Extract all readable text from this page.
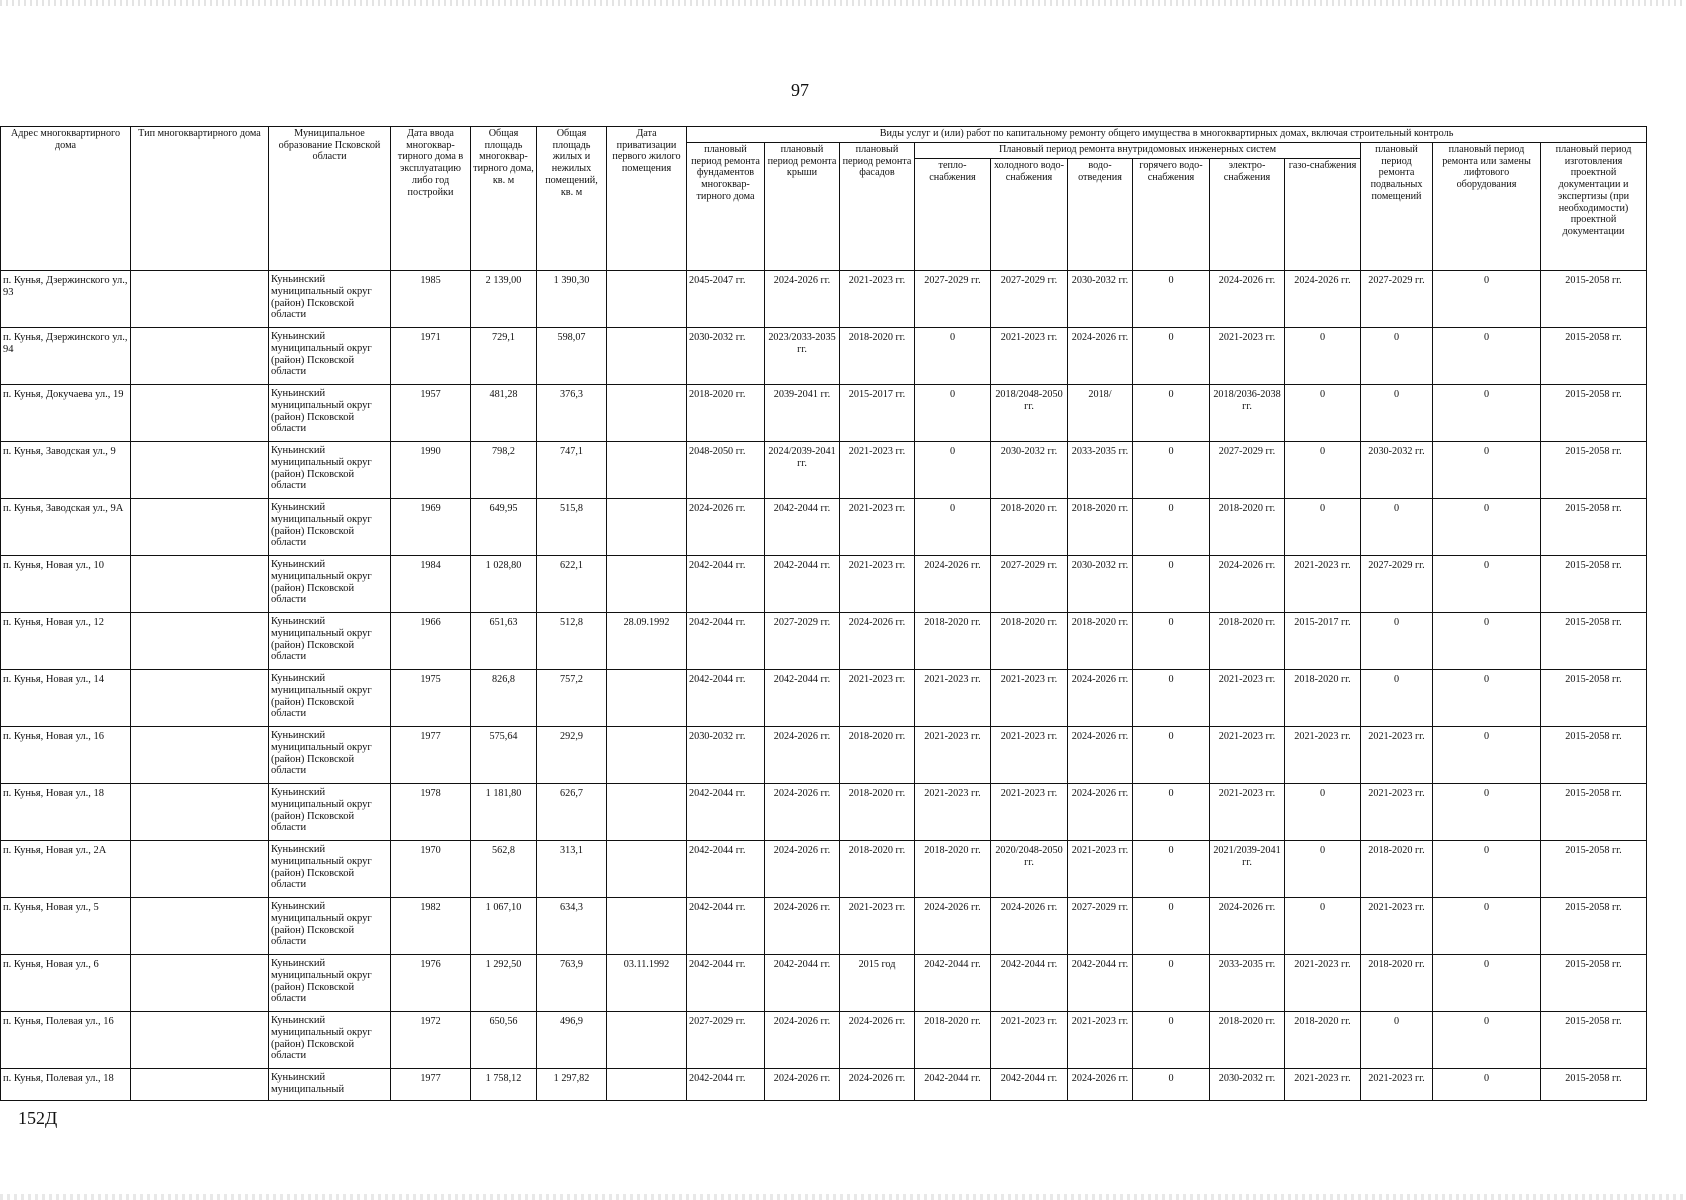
97
Адрес многоквартирного дома	Тип многоквартирного дома	Муниципальное образование Псковской области	Дата ввода многоквар-тирного дома в эксплуатацию либо год постройки	Общая площадь многоквар-тирного дома, кв. м	Общая площадь жилых и нежилых помещений, кв. м	Дата приватизации первого жилого помещения	Виды услуг и (или) работ по капитальному ремонту общего имущества в многоквартирных домах, включая строительный контроль											
							плановый период ремонта фундаментов многоквар-тирного дома	плановый период ремонта крыши	плановый период ремонта фасадов	Плановый период ремонта внутридомовых инженерных систем						плановый период ремонта подвальных помещений	плановый период ремонта или замены лифтового оборудования	плановый период изготовления проектной документации и экспертизы (при необходимости) проектной документации
										тепло-снабжения	холодного водо-снабжения	водо-отведения	горячего водо-снабжения	электро-снабжения	газо-снабжения			
п. Кунья, Дзержинского ул., 93		Куньинский муниципальный округ (район) Псковской области	1985	2 139,00	1 390,30		2045-2047 гг.	2024-2026 гг.	2021-2023 гг.	2027-2029 гг.	2027-2029 гг.	2030-2032 гг.	0	2024-2026 гг.	2024-2026 гг.	2027-2029 гг.	0	2015-2058 гг.
п. Кунья, Дзержинского ул., 94		Куньинский муниципальный округ (район) Псковской области	1971	729,1	598,07		2030-2032 гг.	2023/2033-2035 гг.	2018-2020 гг.	0	2021-2023 гг.	2024-2026 гг.	0	2021-2023 гг.	0	0	0	2015-2058 гг.
п. Кунья, Докучаева ул., 19		Куньинский муниципальный округ (район) Псковской области	1957	481,28	376,3		2018-2020 гг.	2039-2041 гг.	2015-2017 гг.	0	2018/2048-2050 гг.	2018/	0	2018/2036-2038 гг.	0	0	0	2015-2058 гг.
п. Кунья, Заводская ул., 9		Куньинский муниципальный округ (район) Псковской области	1990	798,2	747,1		2048-2050 гг.	2024/2039-2041 гг.	2021-2023 гг.	0	2030-2032 гг.	2033-2035 гг.	0	2027-2029 гг.	0	2030-2032 гг.	0	2015-2058 гг.
п. Кунья, Заводская ул., 9А		Куньинский муниципальный округ (район) Псковской области	1969	649,95	515,8		2024-2026 гг.	2042-2044 гг.	2021-2023 гг.	0	2018-2020 гг.	2018-2020 гг.	0	2018-2020 гг.	0	0	0	2015-2058 гг.
п. Кунья, Новая ул., 10		Куньинский муниципальный округ (район) Псковской области	1984	1 028,80	622,1		2042-2044 гг.	2042-2044 гг.	2021-2023 гг.	2024-2026 гг.	2027-2029 гг.	2030-2032 гг.	0	2024-2026 гг.	2021-2023 гг.	2027-2029 гг.	0	2015-2058 гг.
п. Кунья, Новая ул., 12		Куньинский муниципальный округ (район) Псковской области	1966	651,63	512,8	28.09.1992	2042-2044 гг.	2027-2029 гг.	2024-2026 гг.	2018-2020 гг.	2018-2020 гг.	2018-2020 гг.	0	2018-2020 гг.	2015-2017 гг.	0	0	2015-2058 гг.
п. Кунья, Новая ул., 14		Куньинский муниципальный округ (район) Псковской области	1975	826,8	757,2		2042-2044 гг.	2042-2044 гг.	2021-2023 гг.	2021-2023 гг.	2021-2023 гг.	2024-2026 гг.	0	2021-2023 гг.	2018-2020 гг.	0	0	2015-2058 гг.
п. Кунья, Новая ул., 16		Куньинский муниципальный округ (район) Псковской области	1977	575,64	292,9		2030-2032 гг.	2024-2026 гг.	2018-2020 гг.	2021-2023 гг.	2021-2023 гг.	2024-2026 гг.	0	2021-2023 гг.	2021-2023 гг.	2021-2023 гг.	0	2015-2058 гг.
п. Кунья, Новая ул., 18		Куньинский муниципальный округ (район) Псковской области	1978	1 181,80	626,7		2042-2044 гг.	2024-2026 гг.	2018-2020 гг.	2021-2023 гг.	2021-2023 гг.	2024-2026 гг.	0	2021-2023 гг.	0	2021-2023 гг.	0	2015-2058 гг.
п. Кунья, Новая ул., 2А		Куньинский муниципальный округ (район) Псковской области	1970	562,8	313,1		2042-2044 гг.	2024-2026 гг.	2018-2020 гг.	2018-2020 гг.	2020/2048-2050 гг.	2021-2023 гг.	0	2021/2039-2041 гг.	0	2018-2020 гг.	0	2015-2058 гг.
п. Кунья, Новая ул., 5		Куньинский муниципальный округ (район) Псковской области	1982	1 067,10	634,3		2042-2044 гг.	2024-2026 гг.	2021-2023 гг.	2024-2026 гг.	2024-2026 гг.	2027-2029 гг.	0	2024-2026 гг.	0	2021-2023 гг.	0	2015-2058 гг.
п. Кунья, Новая ул., 6		Куньинский муниципальный округ (район) Псковской области	1976	1 292,50	763,9	03.11.1992	2042-2044 гг.	2042-2044 гг.	2015 год	2042-2044 гг.	2042-2044 гг.	2042-2044 гг.	0	2033-2035 гг.	2021-2023 гг.	2018-2020 гг.	0	2015-2058 гг.
п. Кунья, Полевая ул., 16		Куньинский муниципальный округ (район) Псковской области	1972	650,56	496,9		2027-2029 гг.	2024-2026 гг.	2024-2026 гг.	2018-2020 гг.	2021-2023 гг.	2021-2023 гг.	0	2018-2020 гг.	2018-2020 гг.	0	0	2015-2058 гг.
п. Кунья, Полевая ул., 18		Куньинский муниципальный	1977	1 758,12	1 297,82		2042-2044 гг.	2024-2026 гг.	2024-2026 гг.	2042-2044 гг.	2042-2044 гг.	2024-2026 гг.	0	2030-2032 гг.	2021-2023 гг.	2021-2023 гг.	0	2015-2058 гг.
152Д
